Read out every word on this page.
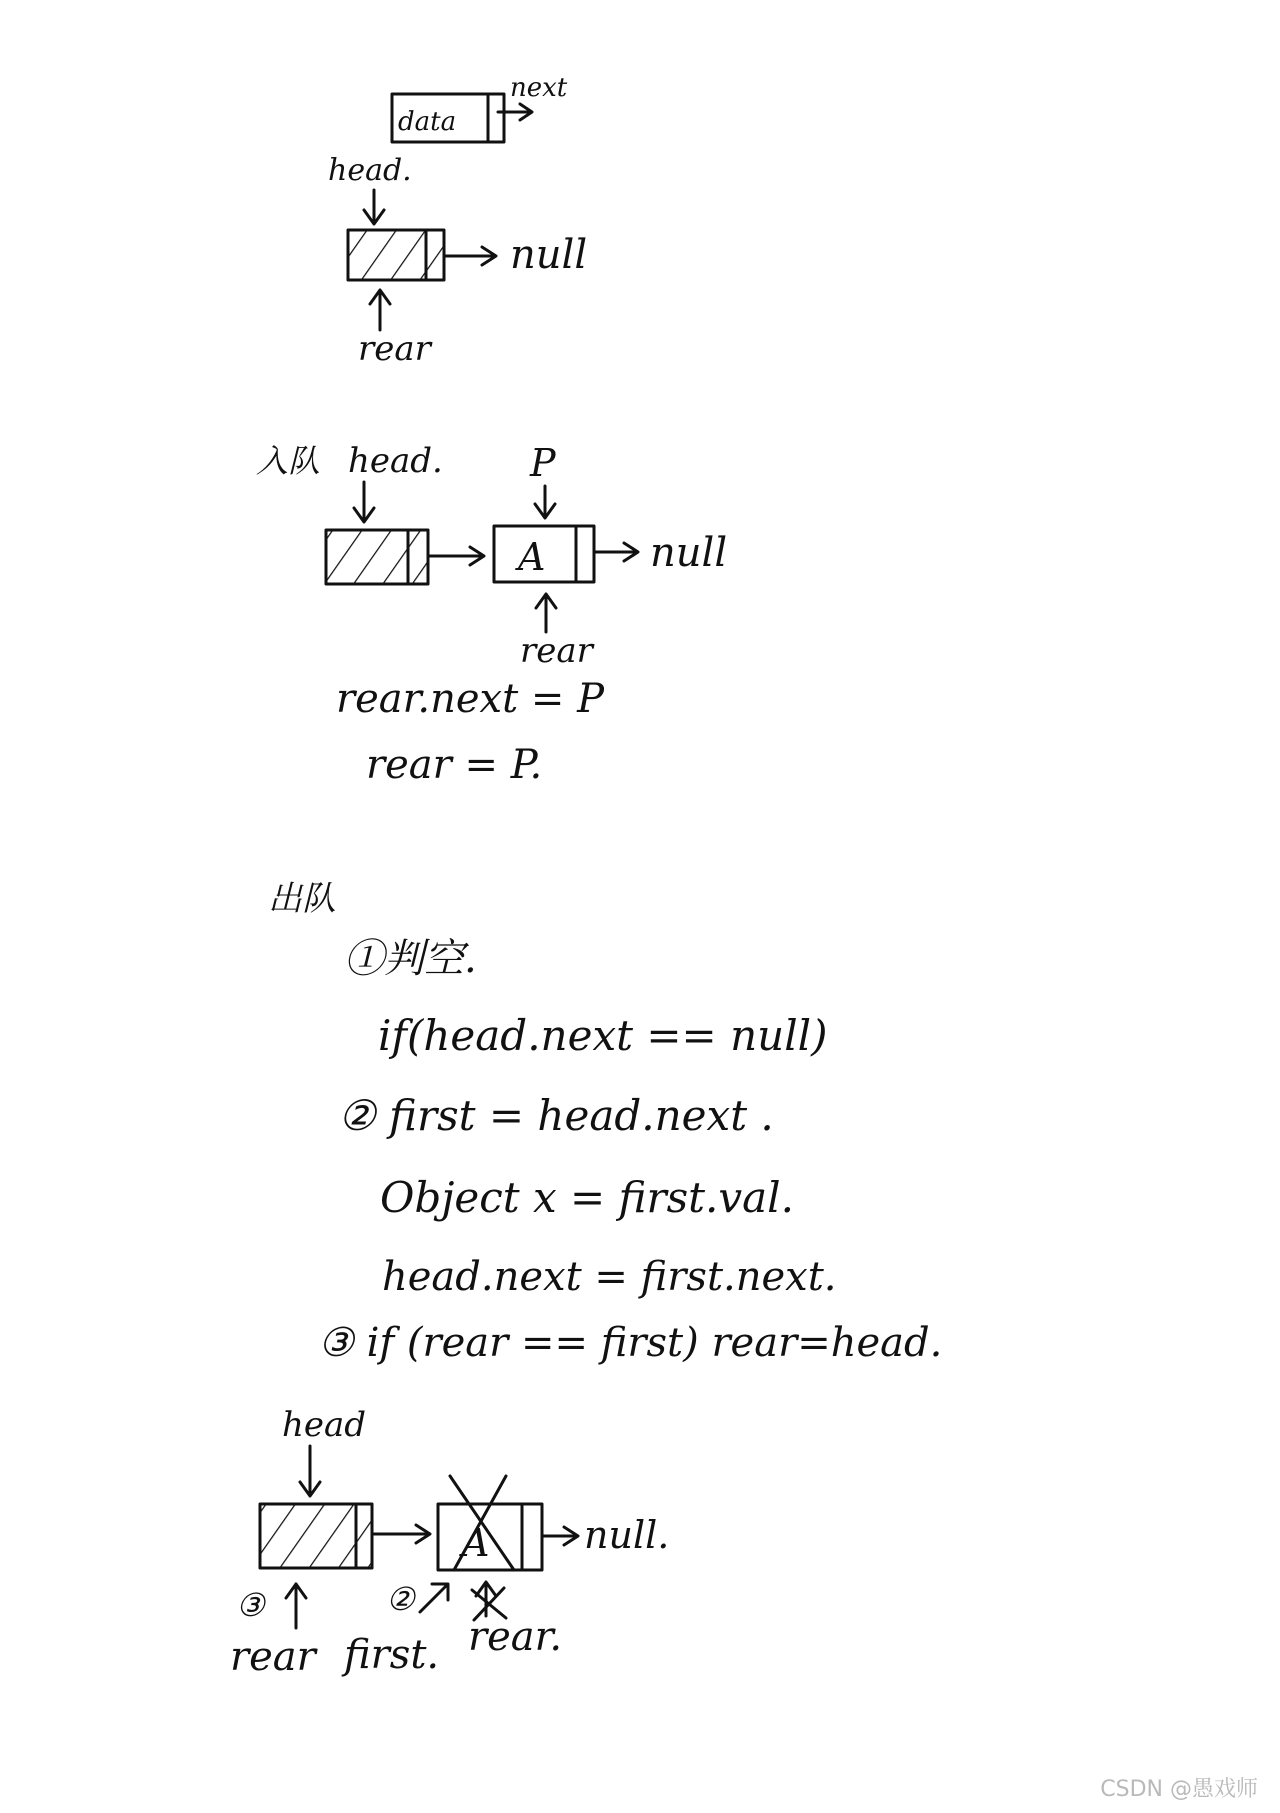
data
next
head.
null
rear
入队 head. P
A	null
rear
rear.next = P
rear = P.
出队
①判空.
if(head.next == null)
② first = head.next .
Object x = first.val.
head.next = first.next.
③ if (rear == first) rear=head.
head
A null.
③	②
rear first. rear.
CSDN @愚戏师
